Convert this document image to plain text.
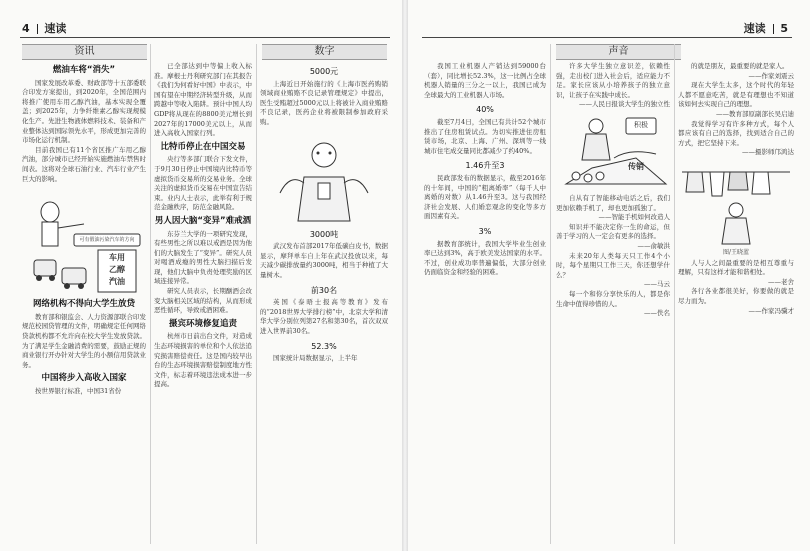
4 速读
资讯	数字
燃油车将“消失”

国家发展改革委、财政部等十五部委联合印发方案提出，到2020年，全国范围内将推广使用车用乙醇汽油，基本实现全覆盖；到2025年，力争纤维素乙醇实现规模化生产。先进生物液体燃料技术、装备和产业整体达到国际领先水平，形成更加完善的市场化运行机制。

目前我国已有11个省区推广车用乙醇汽油，部分城市已经开始实施燃油车禁售时间表。这将对全球石油行业、汽车行业产生巨大的影响。

可有假油污染汽车的方向
车用
乙醇
汽油
网络机构不得向大学生放贷

教育部和银监会、人力资源部联合印发规范校园贷管理的文件，明确规定任何网络贷款机构都不允许向在校大学生发放贷款。为了满足学生金融消费的需要，鼓励正规的商业银行开办针对大学生的小额信用贷款业务。

中国将步入高收入国家

按世界银行标准，中国31省份

已全部达到中等偏上收入标准。摩根士丹利研究部门在其报告《我们为何看好中国》中表示，中国有望在中期经济转型升级，从而跨越中等收入陷阱。预计中国人均GDP将从现在的8800美元增长到2027年的17000美元以上，从而进入高收入国家行列。

比特币停止在中国交易

央行等多部门联合下发文件，于9月30日停止中国境内比特币等虚拟货币交易所的交易业务。全球关注的虚拟货币交易在中国宣告结束。业内人士表示，此举有利于规范金融秩序，防范金融风险。

男人因大脑“变异”难戒酒

东芬兰大学的一项研究发现，有些男性之所以难以戒酒是因为他们的大脑发生了“变异”。研究人员对喝酒成瘾的男性大脑扫描后发现，他们大脑中负责处理奖励的区域连接异常。

研究人员表示，长期酗酒会改变大脑相关区域的结构，从而形成恶性循环，导致戒酒困难。

摄宾环境修复追责

杭州市日前出台文件，对造成生态环境损害的单位和个人依法追究损害赔偿责任。这是国内较早出台的生态环境损害赔偿制度地方性文件，标志着环境违法成本进一步提高。

5000元

上海近日开始施行的《上海市医药购销领域商业贿赂不良记录管理规定》中提出，医生受贿超过5000元以上将被计入商业贿赂不良记录，医药企业将被限制参加政府采购。

3000吨

武汉发布首部2017年低碳白皮书，数据显示，摩拜单车自上年在武汉投放以来，每天减少碳排放量约3000吨，相当于种植了大量树木。

前30名

英国《泰晤士报高等教育》发布的“2018世界大学排行榜”中，北京大学和清华大学分别位列第27名和第30名，首次双双进入世界前30名。

52.3%

国家统计局数据显示，上半年

速读 5
声音

我国工业机器人产销达到59000台（套），同比增长52.3%，这一比例占全球机器人销量的三分之一以上，我国已成为全球最大的工业机器人市场。

40%

截至7月4日，全国已有共计52个城市推出了住房租赁试点。为切实推进住房租赁市场，北京、上海、广州、深圳等一线城市住宅成交量同比都减少了约40%。

1.46升至3

民政部发布的数据显示，截至2016年的十年间，中国的“粗离婚率”（每千人中离婚的对数）从1.46升至3。这与我国经济社会发展、人们婚恋观念的变化等多方面因素有关。

3%

据教育部统计，我国大学毕业生创业率已达到3%，高于欧美发达国家的水平。不过，创业成功率普遍偏低，大部分创业仍面临资金和经验的困难。

许多大学生独立意识差，依赖性强，走出校门进入社会后，适应能力不足。家长应该从小培养孩子的独立意识，让孩子在实践中成长。

——人民日报谈大学生的独立性
积极
传销

自从有了智能移动电话之后，我们更加依赖手机了，却也更加孤独了。

——智能手机如何改造人

知识并不能决定你一生的命运，但善于学习的人一定会有更多的选择。

——俞敏洪

未来20年人类每天只工作4个小时，每个星期只工作三天，你还想学什么？

——马云

每一个和你分享快乐的人，都是你生命中值得珍惜的人。

——佚名

的就是朋友，最重要的就是家人。

——作家刘震云

现在大学生太多，这个时代的年轻人都不愿意吃苦，就是有理想也不知道该如何去实现自己的理想。

——教育部原副部长吴启迪

我觉得学习有许多种方式，每个人都应该有自己的选择，找到适合自己的方式，把它坚持下来。

——摄影师邝鸿达
图/王晓蓝

人与人之间最重要的是相互尊重与理解，只有这样才能和谐相处。

——老舍

各行各业都很美好，你要做的就是尽力而为。

——作家冯骥才
